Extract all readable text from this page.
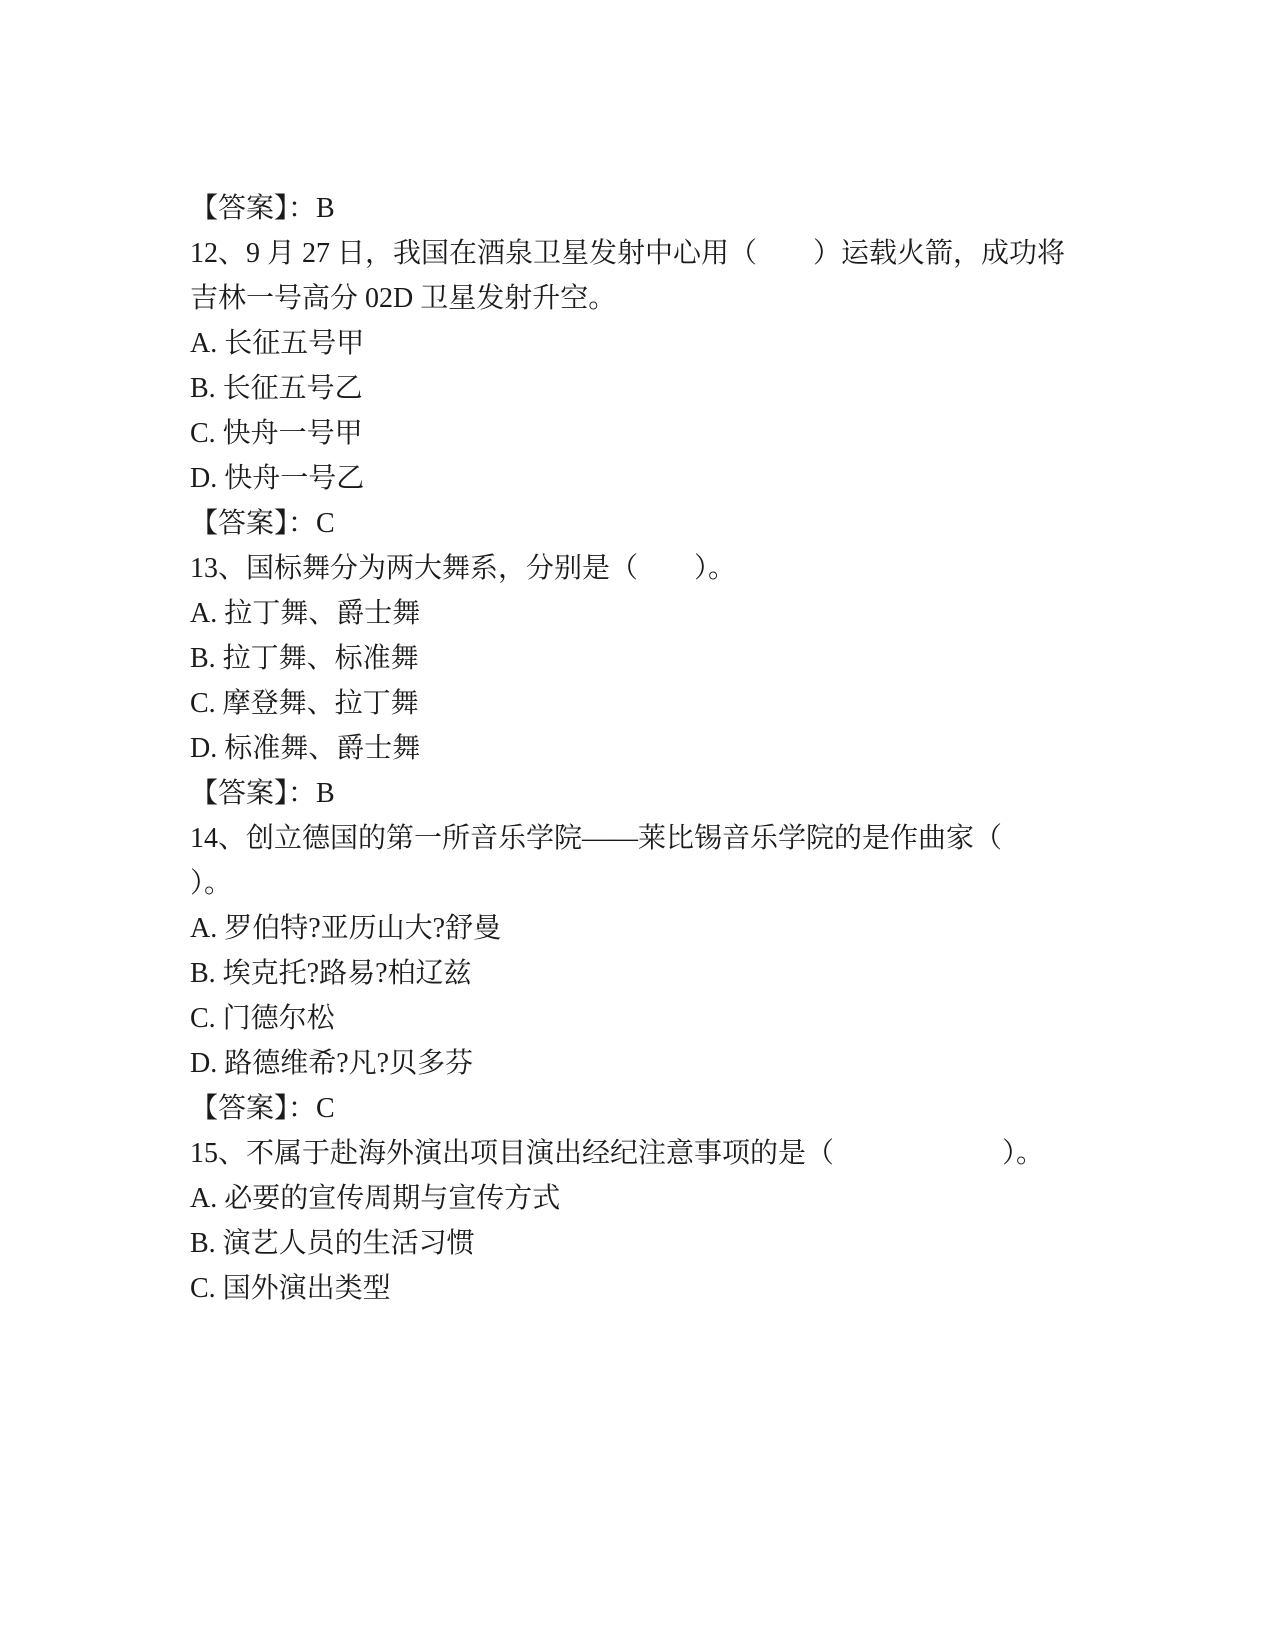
【答案】：B

12、9 月 27 日，我国在酒泉卫星发射中心用（　　）运载火箭，成功将

吉林一号高分 02D 卫星发射升空。

A. 长征五号甲

B. 长征五号乙

C. 快舟一号甲

D. 快舟一号乙

【答案】：C

13、国标舞分为两大舞系，分别是（　　）。

A. 拉丁舞、爵士舞

B. 拉丁舞、标准舞

C. 摩登舞、拉丁舞

D. 标准舞、爵士舞

【答案】：B

14、创立德国的第一所音乐学院——莱比锡音乐学院的是作曲家（

）。

A. 罗伯特?亚历山大?舒曼

B. 埃克托?路易?柏辽兹

C. 门德尔松

D. 路德维希?凡?贝多芬

【答案】：C

15、不属于赴海外演出项目演出经纪注意事项的是（　　　　　　）。

A. 必要的宣传周期与宣传方式

B. 演艺人员的生活习惯

C. 国外演出类型
